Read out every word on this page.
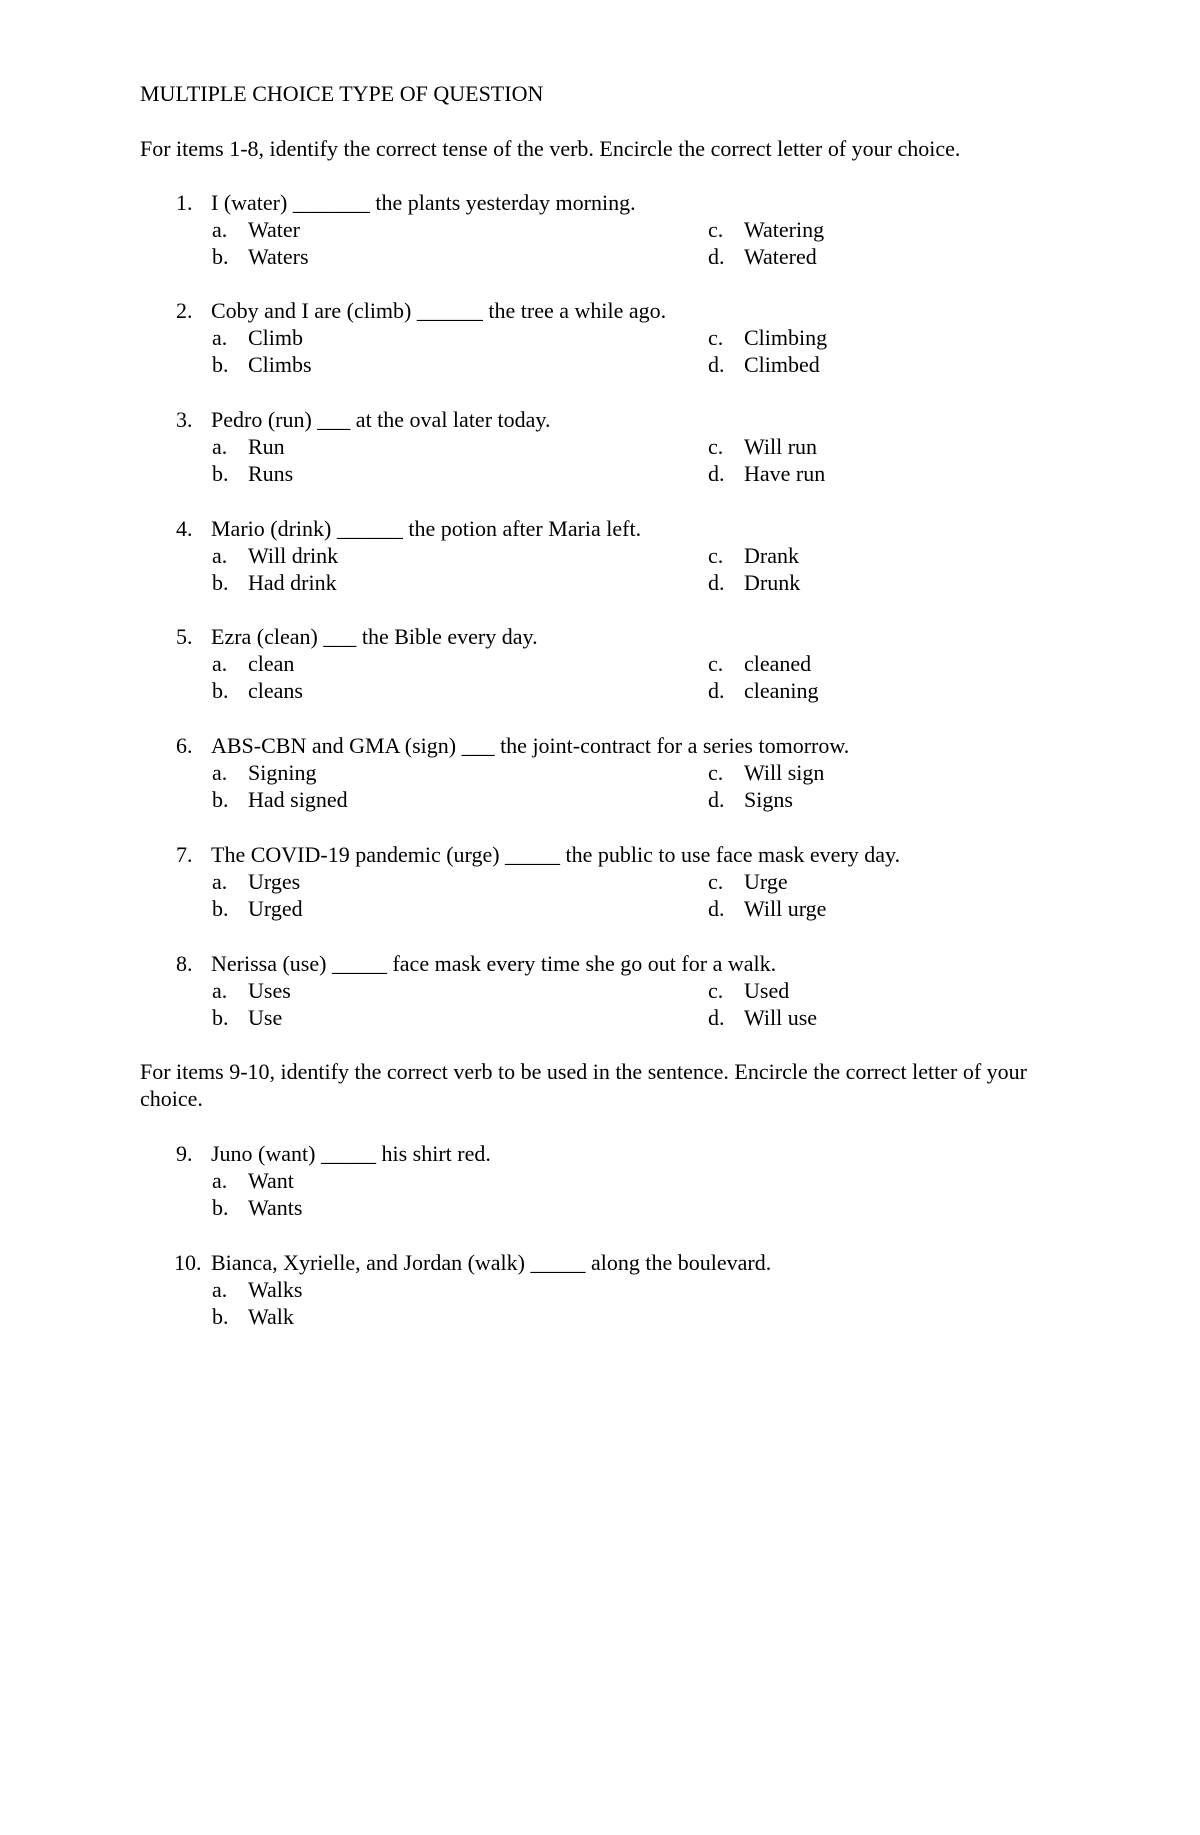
MULTIPLE CHOICE TYPE OF QUESTION
For items 1-8, identify the correct tense of the verb. Encircle the correct letter of your choice.
1. I (water) _______ the plants yesterday morning.
a. Water	c. Watering
b. Waters	d. Watered
2. Coby and I are (climb) ______ the tree a while ago.
a. Climb	c. Climbing
b. Climbs	d. Climbed
3. Pedro (run) ___ at the oval later today.
a. Run	c. Will run
b. Runs	d. Have run
4. Mario (drink) ______ the potion after Maria left.
a. Will drink	c. Drank
b. Had drink	d. Drunk
5. Ezra (clean) ___ the Bible every day.
a. clean	c. cleaned
b. cleans	d. cleaning
6. ABS-CBN and GMA (sign) ___ the joint-contract for a series tomorrow.
a. Signing	c. Will sign
b. Had signed	d. Signs
7. The COVID-19 pandemic (urge) _____ the public to use face mask every day.
a. Urges	c. Urge
b. Urged	d. Will urge
8. Nerissa (use) _____ face mask every time she go out for a walk.
a. Uses	c. Used
b. Use	d. Will use
For items 9-10, identify the correct verb to be used in the sentence. Encircle the correct letter of your choice.
9. Juno (want) _____ his shirt red.
a. Want
b. Wants
10. Bianca, Xyrielle, and Jordan (walk) _____ along the boulevard.
a. Walks
b. Walk
